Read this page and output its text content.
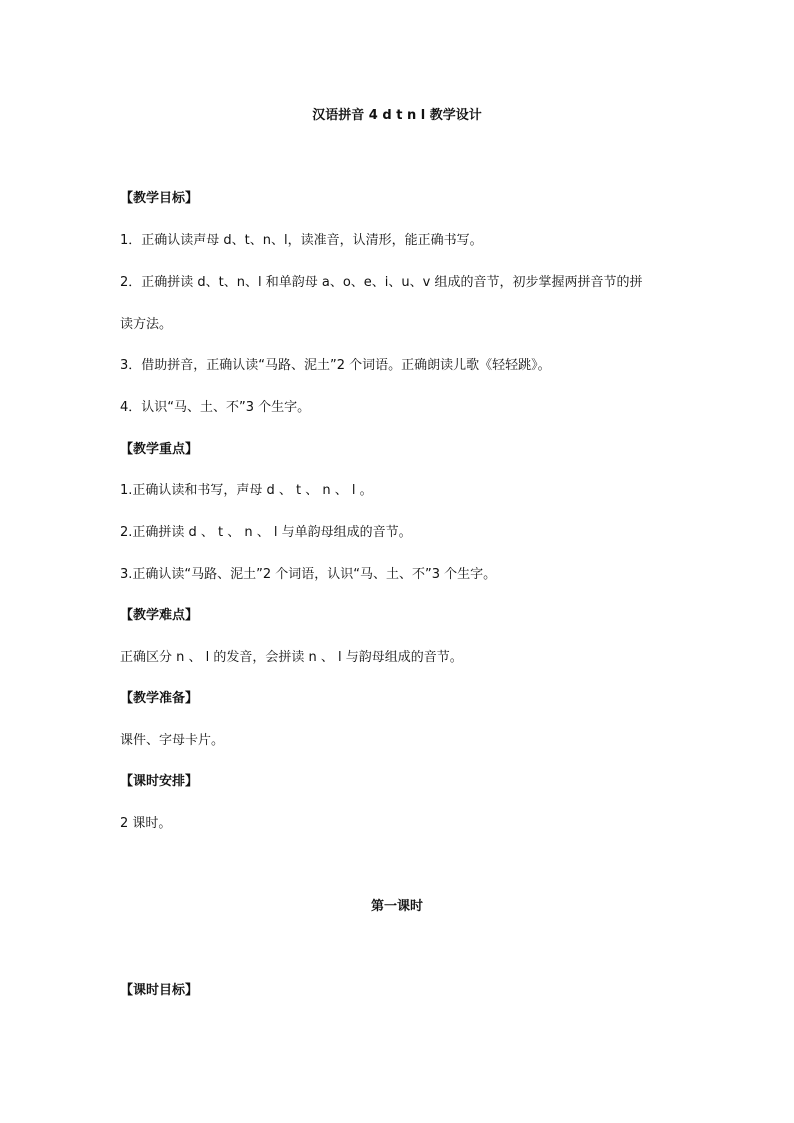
汉语拼音 4 d t n l 教学设计
【教学目标】
1．正确认读声母 d、t、n、l，读准音，认清形，能正确书写。
2．正确拼读 d、t、n、l 和单韵母 a、o、e、i、u、v 组成的音节，初步掌握两拼音节的拼
读方法。
3．借助拼音，正确认读“马路、泥土”2 个词语。正确朗读儿歌《轻轻跳》。
4．认识“马、土、不”3 个生字。
【教学重点】
1.正确认读和书写，声母 d 、 t 、 n 、 l 。
2.正确拼读 d 、 t 、 n 、 l 与单韵母组成的音节。
3.正确认读“马路、泥土”2 个词语，认识“马、土、不”3 个生字。
【教学难点】
正确区分 n 、 l 的发音，会拼读 n 、 l 与韵母组成的音节。
【教学准备】
课件、字母卡片。
【课时安排】
2 课时。
第一课时
【课时目标】
